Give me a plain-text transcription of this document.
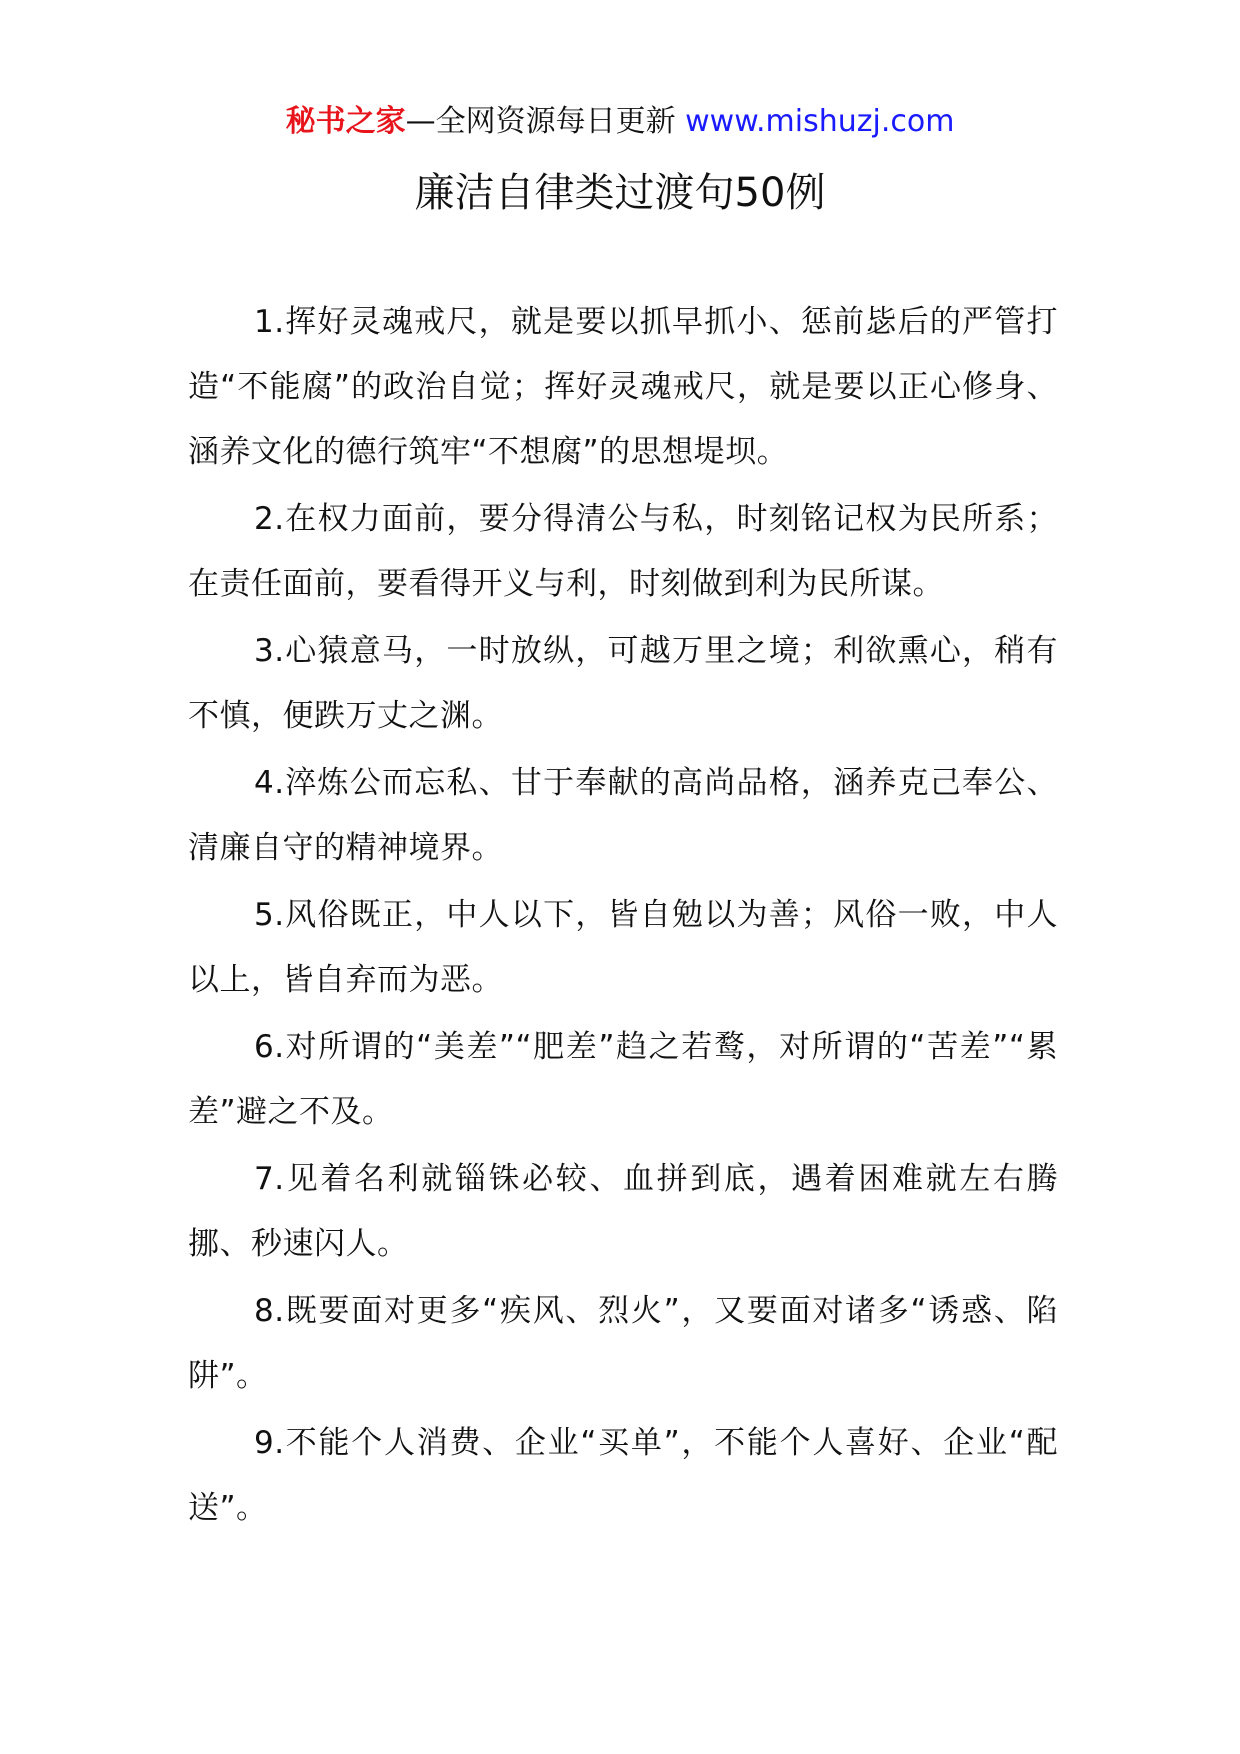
秘书之家—全网资源每日更新 www.mishuzj.com
廉洁自律类过渡句50例

1.挥好灵魂戒尺，就是要以抓早抓小、惩前毖后的严管打造“不能腐”的政治自觉；挥好灵魂戒尺，就是要以正心修身、涵养文化的德行筑牢“不想腐”的思想堤坝。

2.在权力面前，要分得清公与私，时刻铭记权为民所系；在责任面前，要看得开义与利，时刻做到利为民所谋。

3.心猿意马，一时放纵，可越万里之境；利欲熏心，稍有不慎，便跌万丈之渊。

4.淬炼公而忘私、甘于奉献的高尚品格，涵养克己奉公、清廉自守的精神境界。

5.风俗既正，中人以下，皆自勉以为善；风俗一败，中人以上，皆自弃而为恶。

6.对所谓的“美差”“肥差”趋之若鹜，对所谓的“苦差”“累差”避之不及。

7.见着名利就锱铢必较、血拼到底，遇着困难就左右腾挪、秒速闪人。

8.既要面对更多“疾风、烈火”，又要面对诸多“诱惑、陷阱”。

9.不能个人消费、企业“买单”，不能个人喜好、企业“配送”。
